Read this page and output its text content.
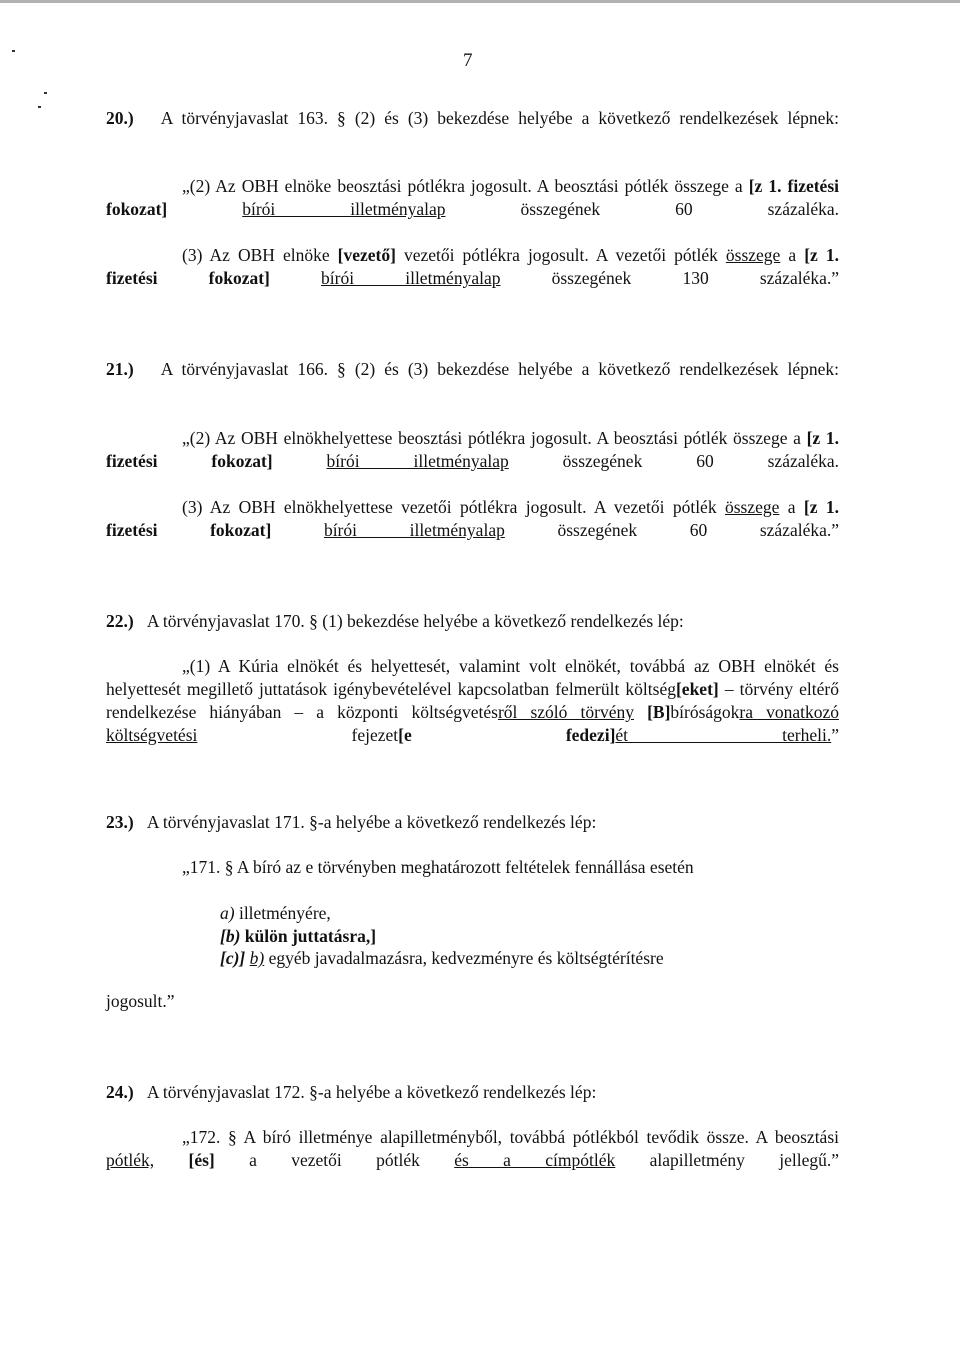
7

20.) A törvényjavaslat 163. § (2) és (3) bekezdése helyébe a következő rendelkezések lépnek:

„(2) Az OBH elnöke beosztási pótlékra jogosult. A beosztási pótlék összege a [z 1. fizetési fokozat]	bírói illetményalap összegének 60 százaléka.

(3) Az OBH elnöke [vezető] vezetői pótlékra jogosult. A vezetői pótlék összege a [z 1. fizetési fokozat]	bírói illetményalap összegének 130 százaléka.”

21.) A törvényjavaslat 166. § (2) és (3) bekezdése helyébe a következő rendelkezések lépnek:

„(2) Az OBH elnökhelyettese beosztási pótlékra jogosult. A beosztási pótlék összege a [z 1. fizetési fokozat]	bírói illetményalap összegének 60 százaléka.

(3) Az OBH elnökhelyettese vezetői pótlékra jogosult. A vezetői pótlék összege a [z 1. fizetési fokozat]	bírói illetményalap összegének 60 százaléka.”

22.) A törvényjavaslat 170. § (1) bekezdése helyébe a következő rendelkezés lép:

„(1) A Kúria elnökét és helyettesét, valamint volt elnökét, továbbá az OBH elnökét és helyettesét megillető juttatások igénybevételével kapcsolatban felmerült költség[eket] – törvény eltérő rendelkezése hiányában – a központi költségvetésről szóló törvény [B]bíróságokra vonatkozó költségvetési fejezet[e fedezi]ét terheli.”

23.) A törvényjavaslat 171. §-a helyébe a következő rendelkezés lép:

„171. § A bíró az e törvényben meghatározott feltételek fennállása esetén

a) illetményére,

[b) külön juttatásra,]

[c)] b) egyéb javadalmazásra, kedvezményre és költségtérítésre

jogosult.”

24.) A törvényjavaslat 172. §-a helyébe a következő rendelkezés lép:

„172. § A bíró illetménye alapilletményből, továbbá pótlékból tevődik össze. A beosztási pótlék, [és] a vezetői pótlék és a címpótlék alapilletmény jellegű.”
